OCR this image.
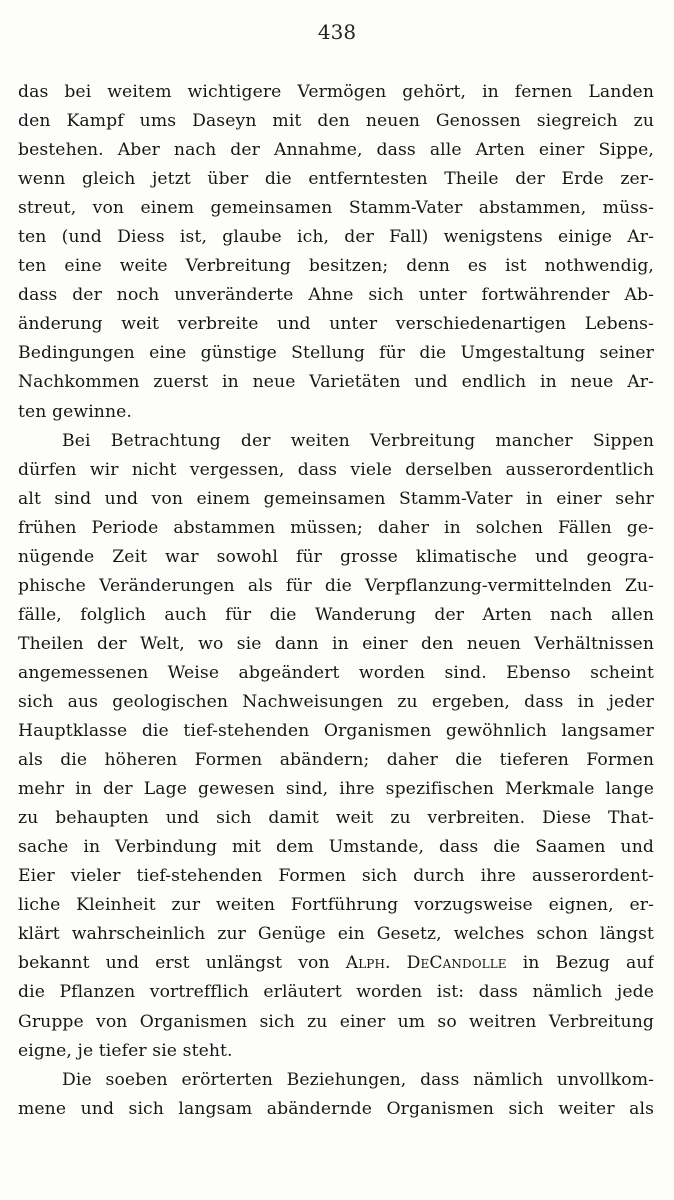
438
das bei weitem wichtigere Vermögen gehört, in fernen Landen
den Kampf ums Daseyn mit den neuen Genossen siegreich zu
bestehen. Aber nach der Annahme, dass alle Arten einer Sippe,
wenn gleich jetzt über die entferntesten Theile der Erde zer-
streut, von einem gemeinsamen Stamm-Vater abstammen, müss-
ten (und Diess ist, glaube ich, der Fall) wenigstens einige Ar-
ten eine weite Verbreitung besitzen; denn es ist nothwendig,
dass der noch unveränderte Ahne sich unter fortwährender Ab-
änderung weit verbreite und unter verschiedenartigen Lebens-
Bedingungen eine günstige Stellung für die Umgestaltung seiner
Nachkommen zuerst in neue Varietäten und endlich in neue Ar-
ten gewinne.
Bei Betrachtung der weiten Verbreitung mancher Sippen
dürfen wir nicht vergessen, dass viele derselben ausserordentlich
alt sind und von einem gemeinsamen Stamm-Vater in einer sehr
frühen Periode abstammen müssen; daher in solchen Fällen ge-
nügende Zeit war sowohl für grosse klimatische und geogra-
phische Veränderungen als für die Verpflanzung-vermittelnden Zu-
fälle, folglich auch für die Wanderung der Arten nach allen
Theilen der Welt, wo sie dann in einer den neuen Verhältnissen
angemessenen Weise abgeändert worden sind. Ebenso scheint
sich aus geologischen Nachweisungen zu ergeben, dass in jeder
Hauptklasse die tief-stehenden Organismen gewöhnlich langsamer
als die höheren Formen abändern; daher die tieferen Formen
mehr in der Lage gewesen sind, ihre spezifischen Merkmale lange
zu behaupten und sich damit weit zu verbreiten. Diese That-
sache in Verbindung mit dem Umstande, dass die Saamen und
Eier vieler tief-stehenden Formen sich durch ihre ausserordent-
liche Kleinheit zur weiten Fortführung vorzugsweise eignen, er-
klärt wahrscheinlich zur Genüge ein Gesetz, welches schon längst
bekannt und erst unlängst von Alph. DeCandolle in Bezug auf
die Pflanzen vortrefflich erläutert worden ist: dass nämlich jede
Gruppe von Organismen sich zu einer um so weitren Verbreitung
eigne, je tiefer sie steht.
Die soeben erörterten Beziehungen, dass nämlich unvollkom-
mene und sich langsam abändernde Organismen sich weiter als
